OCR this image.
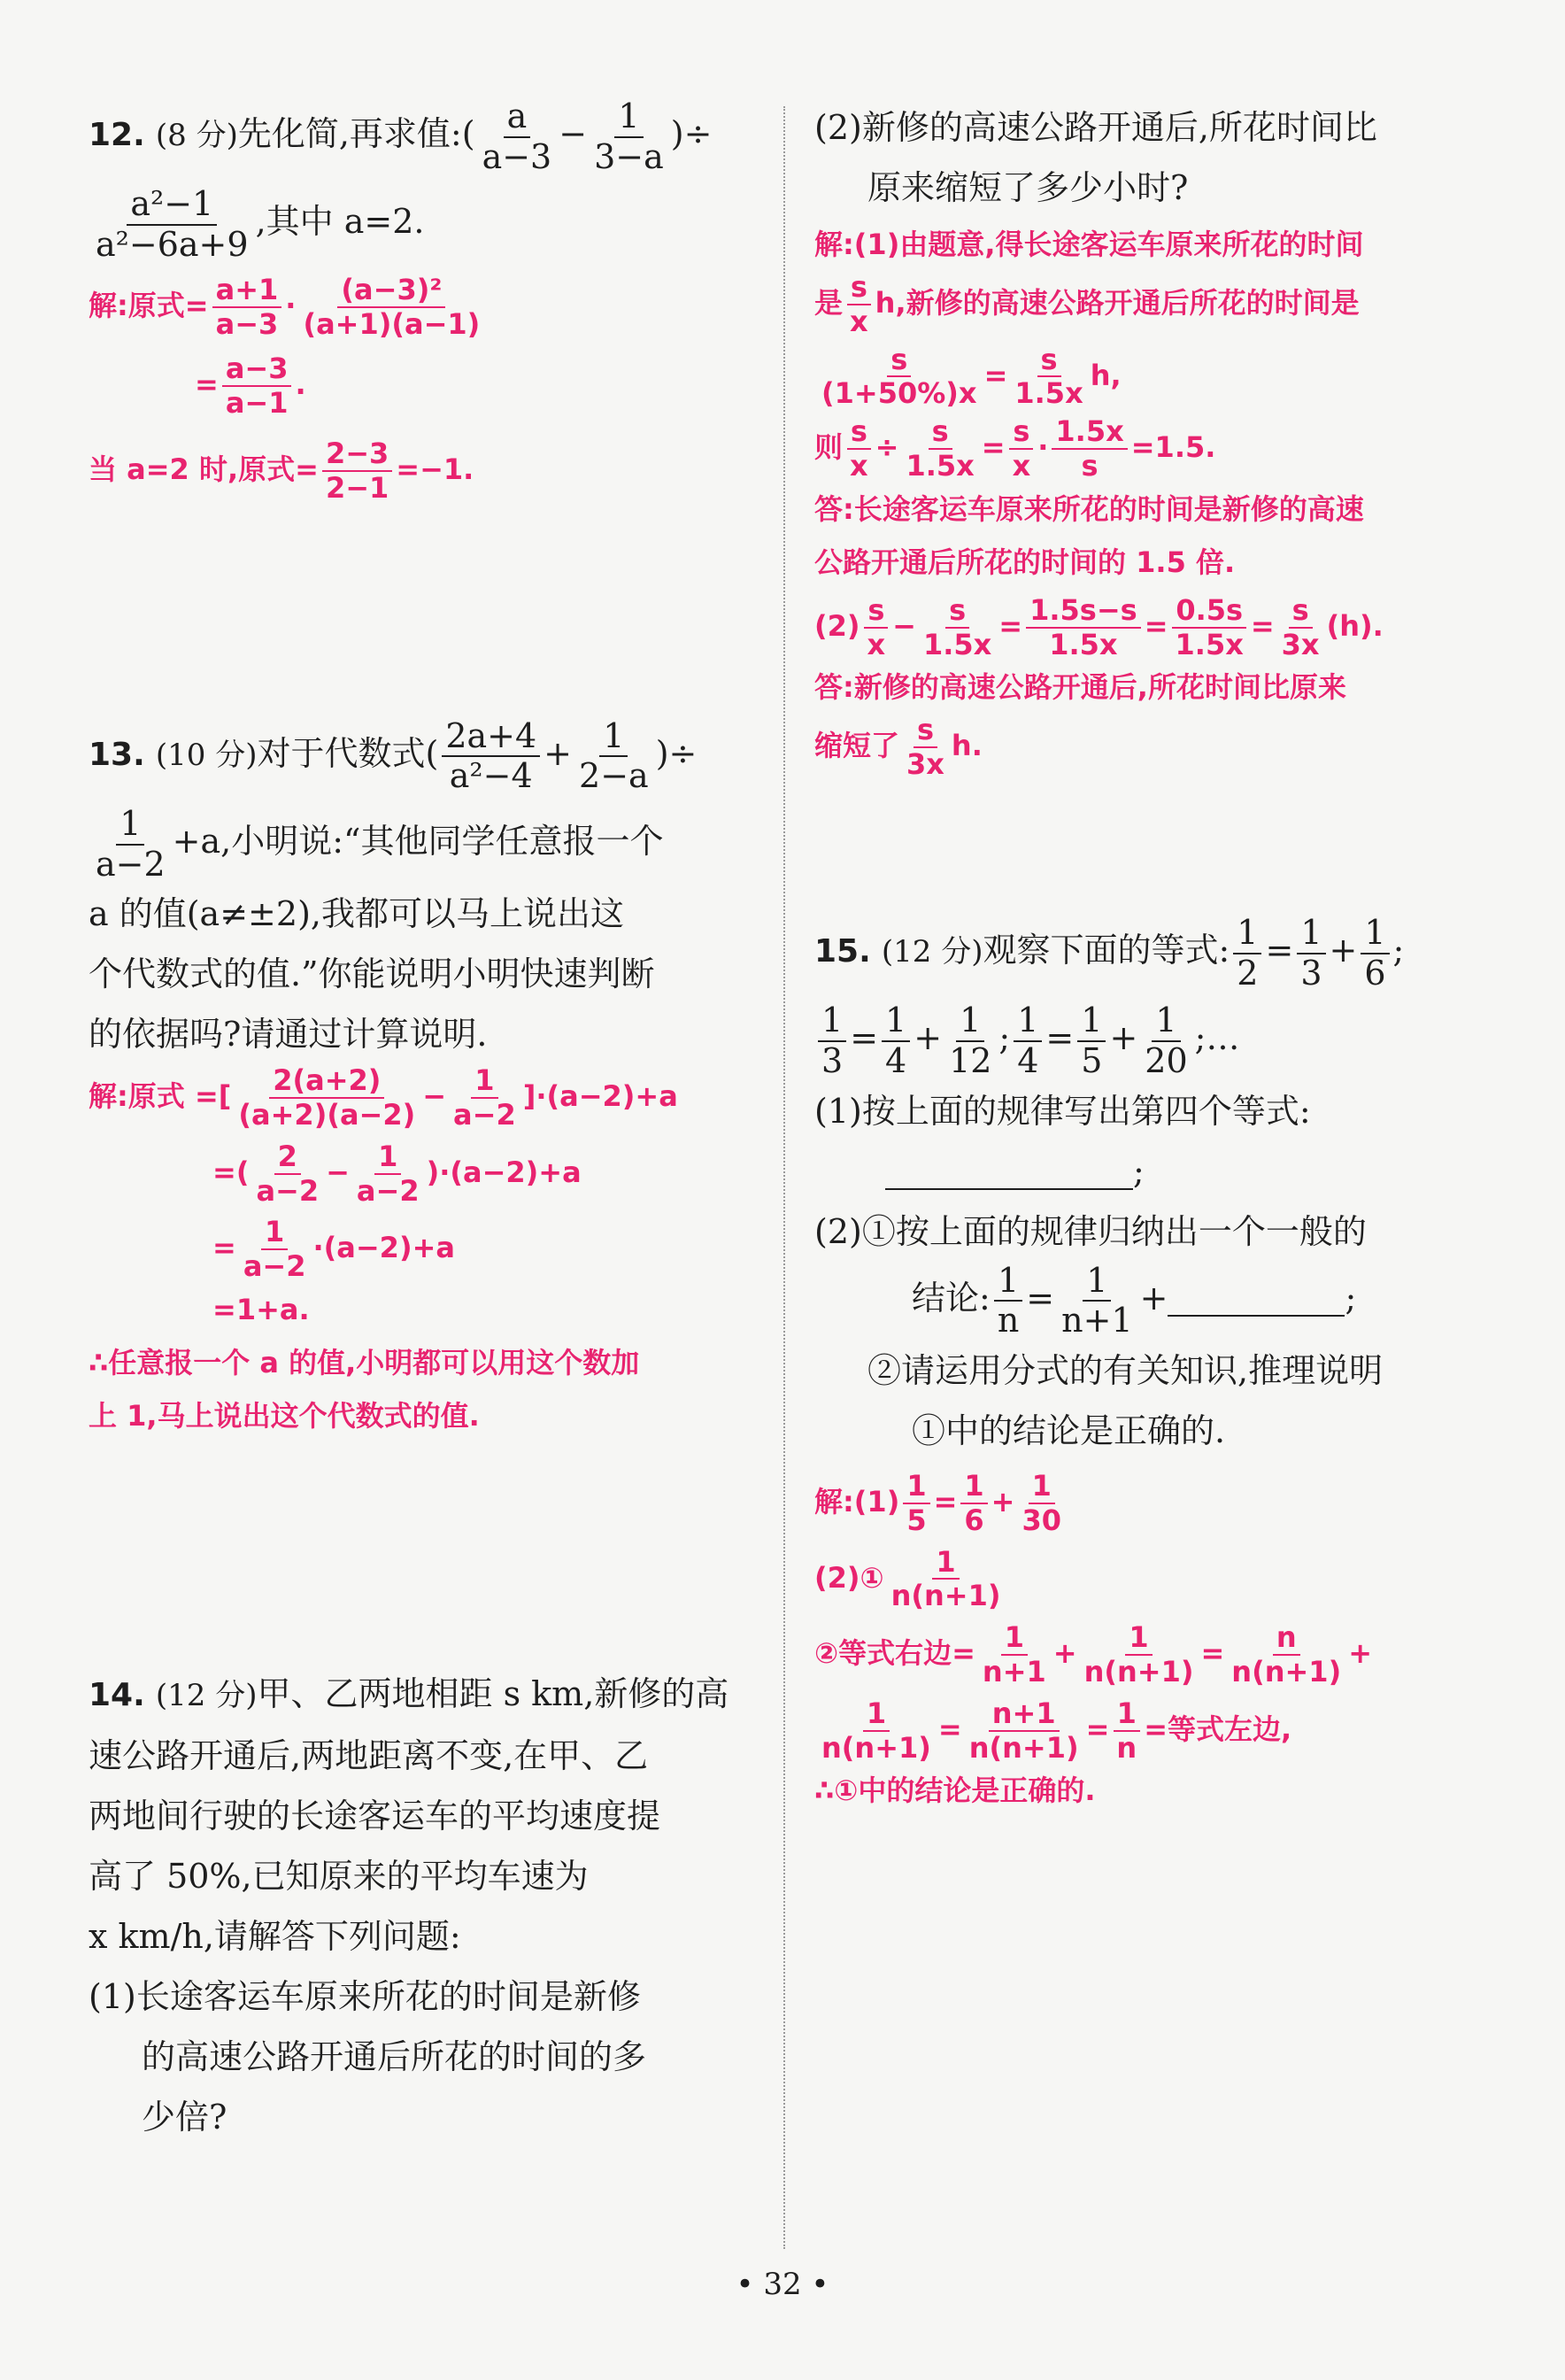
12. (8 分)先化简,再求值:( $\frac{a}{a-3} - \frac{1}{3-a}$ )÷
$\frac{\text{a²−1}}{\text{a²−6a+9}}$ ,其中 a=2.
解:原式= $\frac{a+1}{a-3} \cdot \frac{\text{(a−3)²}}{(a+1)(a-1)}$
= $\frac{a-3}{a-1}$ .
当 a=2 时,原式= $\frac{2-3}{2-1} =-1$.
13. (10 分)对于代数式( $\frac{2a+4}{\text{a²−4}} + \frac{1}{2-a}$ )÷
$\frac{1}{a-2} +a$,小明说:“其他同学任意报一个
a 的值(a≠±2),我都可以马上说出这
个代数式的值.”你能说明小明快速判断
的依据吗?请通过计算说明.
解:原式 =[ $\frac{2(a+2)}{(a+2)(a-2)} - \frac{1}{a-2} ]\cdot(a-2)+a$
=( $\frac{2}{a-2} - \frac{1}{a-2} )\cdot(a-2)+a$
= $\frac{1}{a-2} \cdot(a-2)+a$
=1+a.
∴任意报一个 a 的值,小明都可以用这个数加
上 1,马上说出这个代数式的值.
14. (12 分)甲、乙两地相距 s km,新修的高
速公路开通后,两地距离不变,在甲、乙
两地间行驶的长途客运车的平均速度提
高了 50%,已知原来的平均车速为
x km/h,请解答下列问题:
(1)长途客运车原来所花的时间是新修
的高速公路开通后所花的时间的多
少倍?
(2)新修的高速公路开通后,所花时间比
原来缩短了多少小时?
解:(1)由题意,得长途客运车原来所花的时间
是 $\frac{s}{x} h$,新修的高速公路开通后所花的时间是
$\frac{s}{(1+50\%)x} = \frac{s}{1.5x} h$,
则 $\frac{s}{x} \div \frac{s}{1.5x} = \frac{s}{x} \cdot \frac{1.5x}{s} =1.5$.
答:长途客运车原来所花的时间是新修的高速
公路开通后所花的时间的 1.5 倍.
$(2) \frac{s}{x} - \frac{s}{1.5x} = \frac{1.5s-s}{1.5x} = \frac{0.5s}{1.5x} = \frac{s}{3x} (h)$.
答:新修的高速公路开通后,所花时间比原来
缩短了 $\frac{s}{3x} h$.
15. (12 分)观察下面的等式: $\frac{1}{2} = \frac{1}{3} + \frac{1}{6}$ ;
$\frac{1}{3} = \frac{1}{4} + \frac{1}{12}$ ; $\frac{1}{4} = \frac{1}{5} + \frac{1}{20}$ ;…
(1)按上面的规律写出第四个等式:
;
(2)①按上面的规律归纳出一个一般的
结论: $\frac{1}{n} = \frac{1}{n+1}$ +	;
②请运用分式的有关知识,推理说明
①中的结论是正确的.
解:(1) $\frac{1}{5} = \frac{1}{6} + \frac{1}{30}$
(2)① $\frac{1}{n(n+1)}$
②等式右边= $\frac{1}{n+1} + \frac{1}{n(n+1)} = \frac{n}{n(n+1)}$ +
$\frac{1}{n(n+1)} = \frac{n+1}{n(n+1)} = \frac{1}{n}$ =等式左边,
∴①中的结论是正确的.
• 32 •
